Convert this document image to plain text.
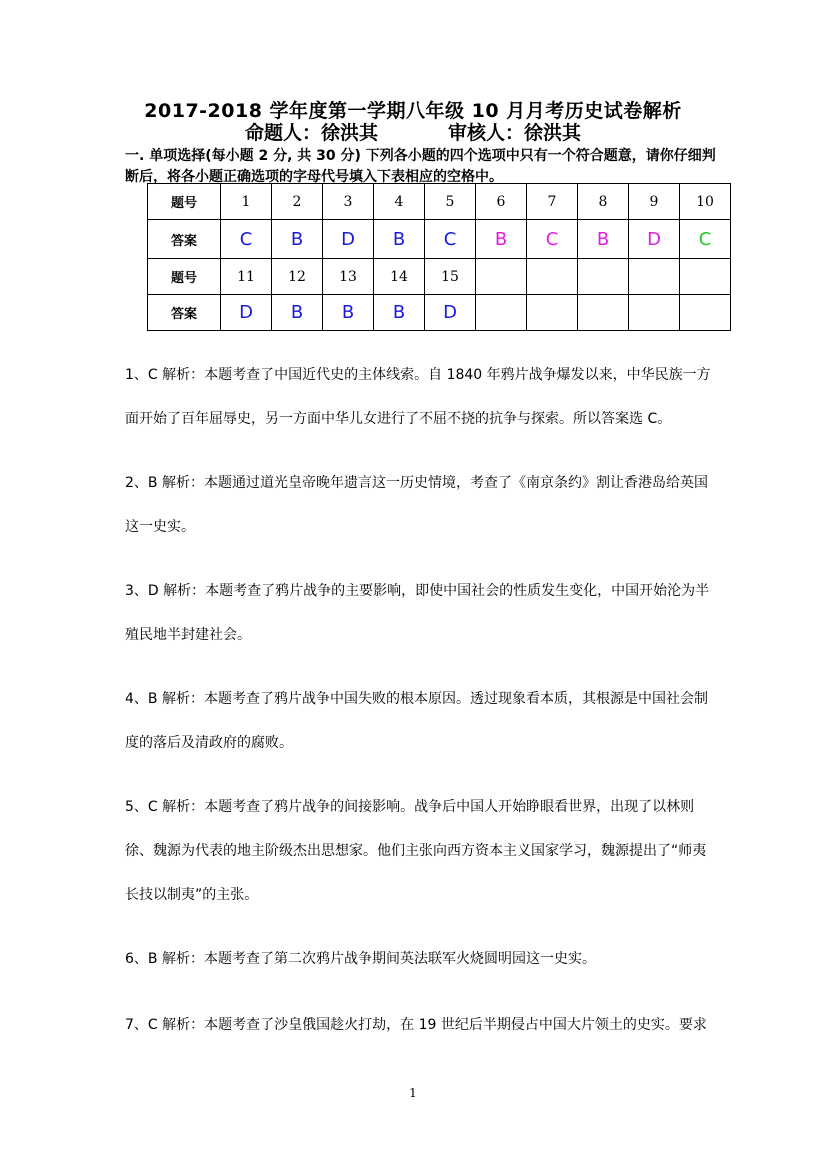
2017-2018 学年度第一学期八年级 10 月月考历史试卷解析
命题人：徐洪其	审核人：徐洪其
一. 单项选择(每小题 2 分, 共 30 分) 下列各小题的四个选项中只有一个符合题意，请你仔细判断后，将各小题正确选项的字母代号填入下表相应的空格中。
题号	1	2	3	4	5	6	7	8	9	10
答案	C	B	D	B	C	B	C	B	D	C
题号	11	12	13	14	15					
答案	D	B	B	B	D					
1、C 解析：本题考查了中国近代史的主体线索。自 1840 年鸦片战争爆发以来，中华民族一方面开始了百年屈辱史，另一方面中华儿女进行了不屈不挠的抗争与探索。所以答案选 C。
2、B 解析：本题通过道光皇帝晚年遗言这一历史情境，考查了《南京条约》割让香港岛给英国这一史实。
3、D 解析：本题考查了鸦片战争的主要影响，即使中国社会的性质发生变化，中国开始沦为半殖民地半封建社会。
4、B 解析：本题考查了鸦片战争中国失败的根本原因。透过现象看本质，其根源是中国社会制度的落后及清政府的腐败。
5、C 解析：本题考查了鸦片战争的间接影响。战争后中国人开始睁眼看世界，出现了以林则徐、魏源为代表的地主阶级杰出思想家。他们主张向西方资本主义国家学习，魏源提出了“师夷长技以制夷”的主张。
6、B 解析：本题考查了第二次鸦片战争期间英法联军火烧圆明园这一史实。
7、C 解析：本题考查了沙皇俄国趁火打劫，在 19 世纪后半期侵占中国大片领土的史实。要求
1
